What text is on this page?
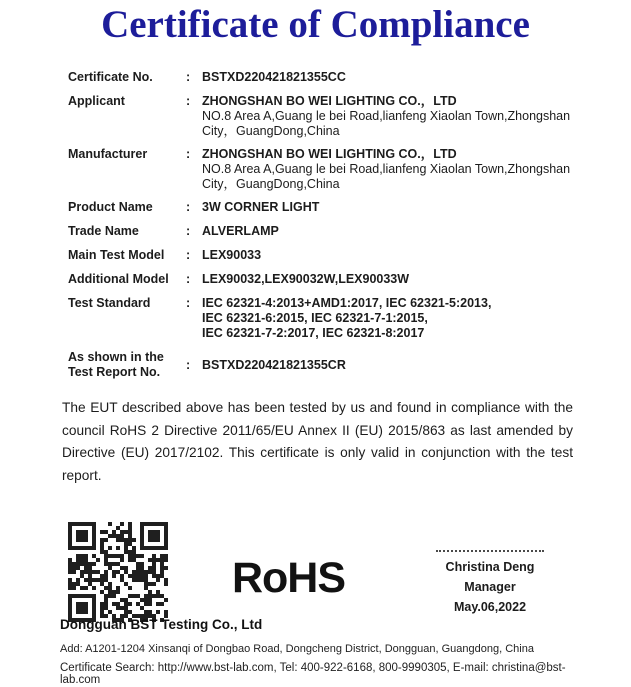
Certificate of Compliance
Certificate No.	: BSTXD220421821355CC
Applicant	: ZHONGSHAN BO WEI LIGHTING CO.，LTD
NO.8 Area A,Guang le bei Road,lianfeng Xiaolan Town,Zhongshan
City，GuangDong,China
Manufacturer	: ZHONGSHAN BO WEI LIGHTING CO.，LTD
NO.8 Area A,Guang le bei Road,lianfeng Xiaolan Town,Zhongshan
City，GuangDong,China
Product Name	: 3W CORNER LIGHT
Trade Name	: ALVERLAMP
Main Test Model	: LEX90033
Additional Model	: LEX90032,LEX90032W,LEX90033W
Test Standard	: IEC 62321-4:2013+AMD1:2017, IEC 62321-5:2013,
IEC 62321-6:2015, IEC 62321-7-1:2015,
IEC 62321-7-2:2017, IEC 62321-8:2017
As shown in the
Test Report No.
: BSTXD220421821355CR

The EUT described above has been tested by us and found in compliance with the council RoHS 2 Directive 2011/65/EU Annex II (EU) 2015/863 as last amended by Directive (EU) 2017/2102. This certificate is only valid in conjunction with the test report.

RoHS	Christina Deng
Manager
May.06,2022
Dongguan BST Testing Co., Ltd
Add: A1201-1204 Xinsanqi of Dongbao Road, Dongcheng District, Dongguan, Guangdong, China
Certificate Search: http://www.bst-lab.com, Tel: 400-922-6168, 800-9990305, E-mail: christina@bst-lab.com
